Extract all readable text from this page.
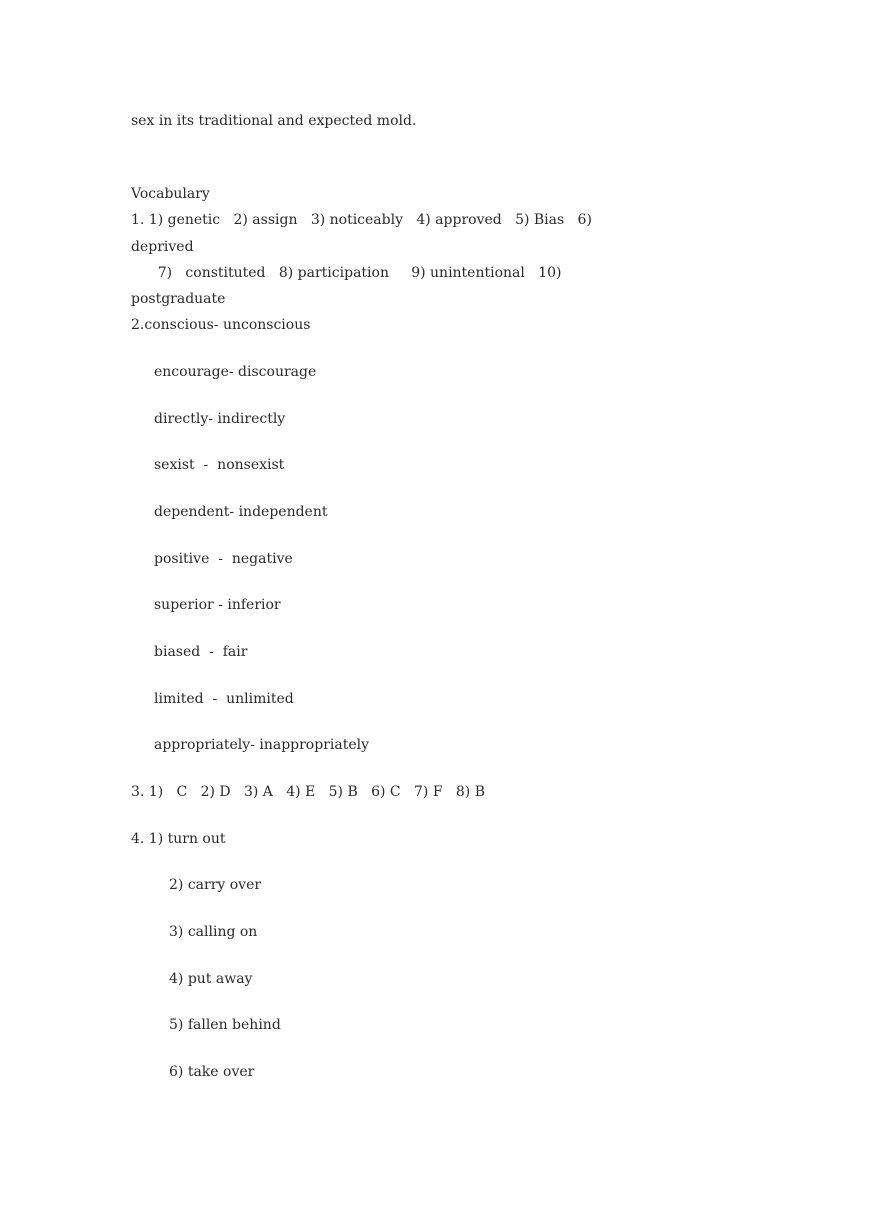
sex in its traditional and expected mold.

Vocabulary

1. 1) genetic   2) assign   3) noticeably   4) approved   5) Bias   6)

deprived

7)   constituted   8) participation     9) unintentional   10)

postgraduate

2.conscious- unconscious

encourage- discourage

directly- indirectly

sexist  -  nonsexist

dependent- independent

positive  -  negative

superior - inferior

biased  -  fair

limited  -  unlimited

appropriately- inappropriately

3. 1)   C   2) D   3) A   4) E   5) B   6) C   7) F   8) B

4. 1) turn out

2) carry over

3) calling on

4) put away

5) fallen behind

6) take over
